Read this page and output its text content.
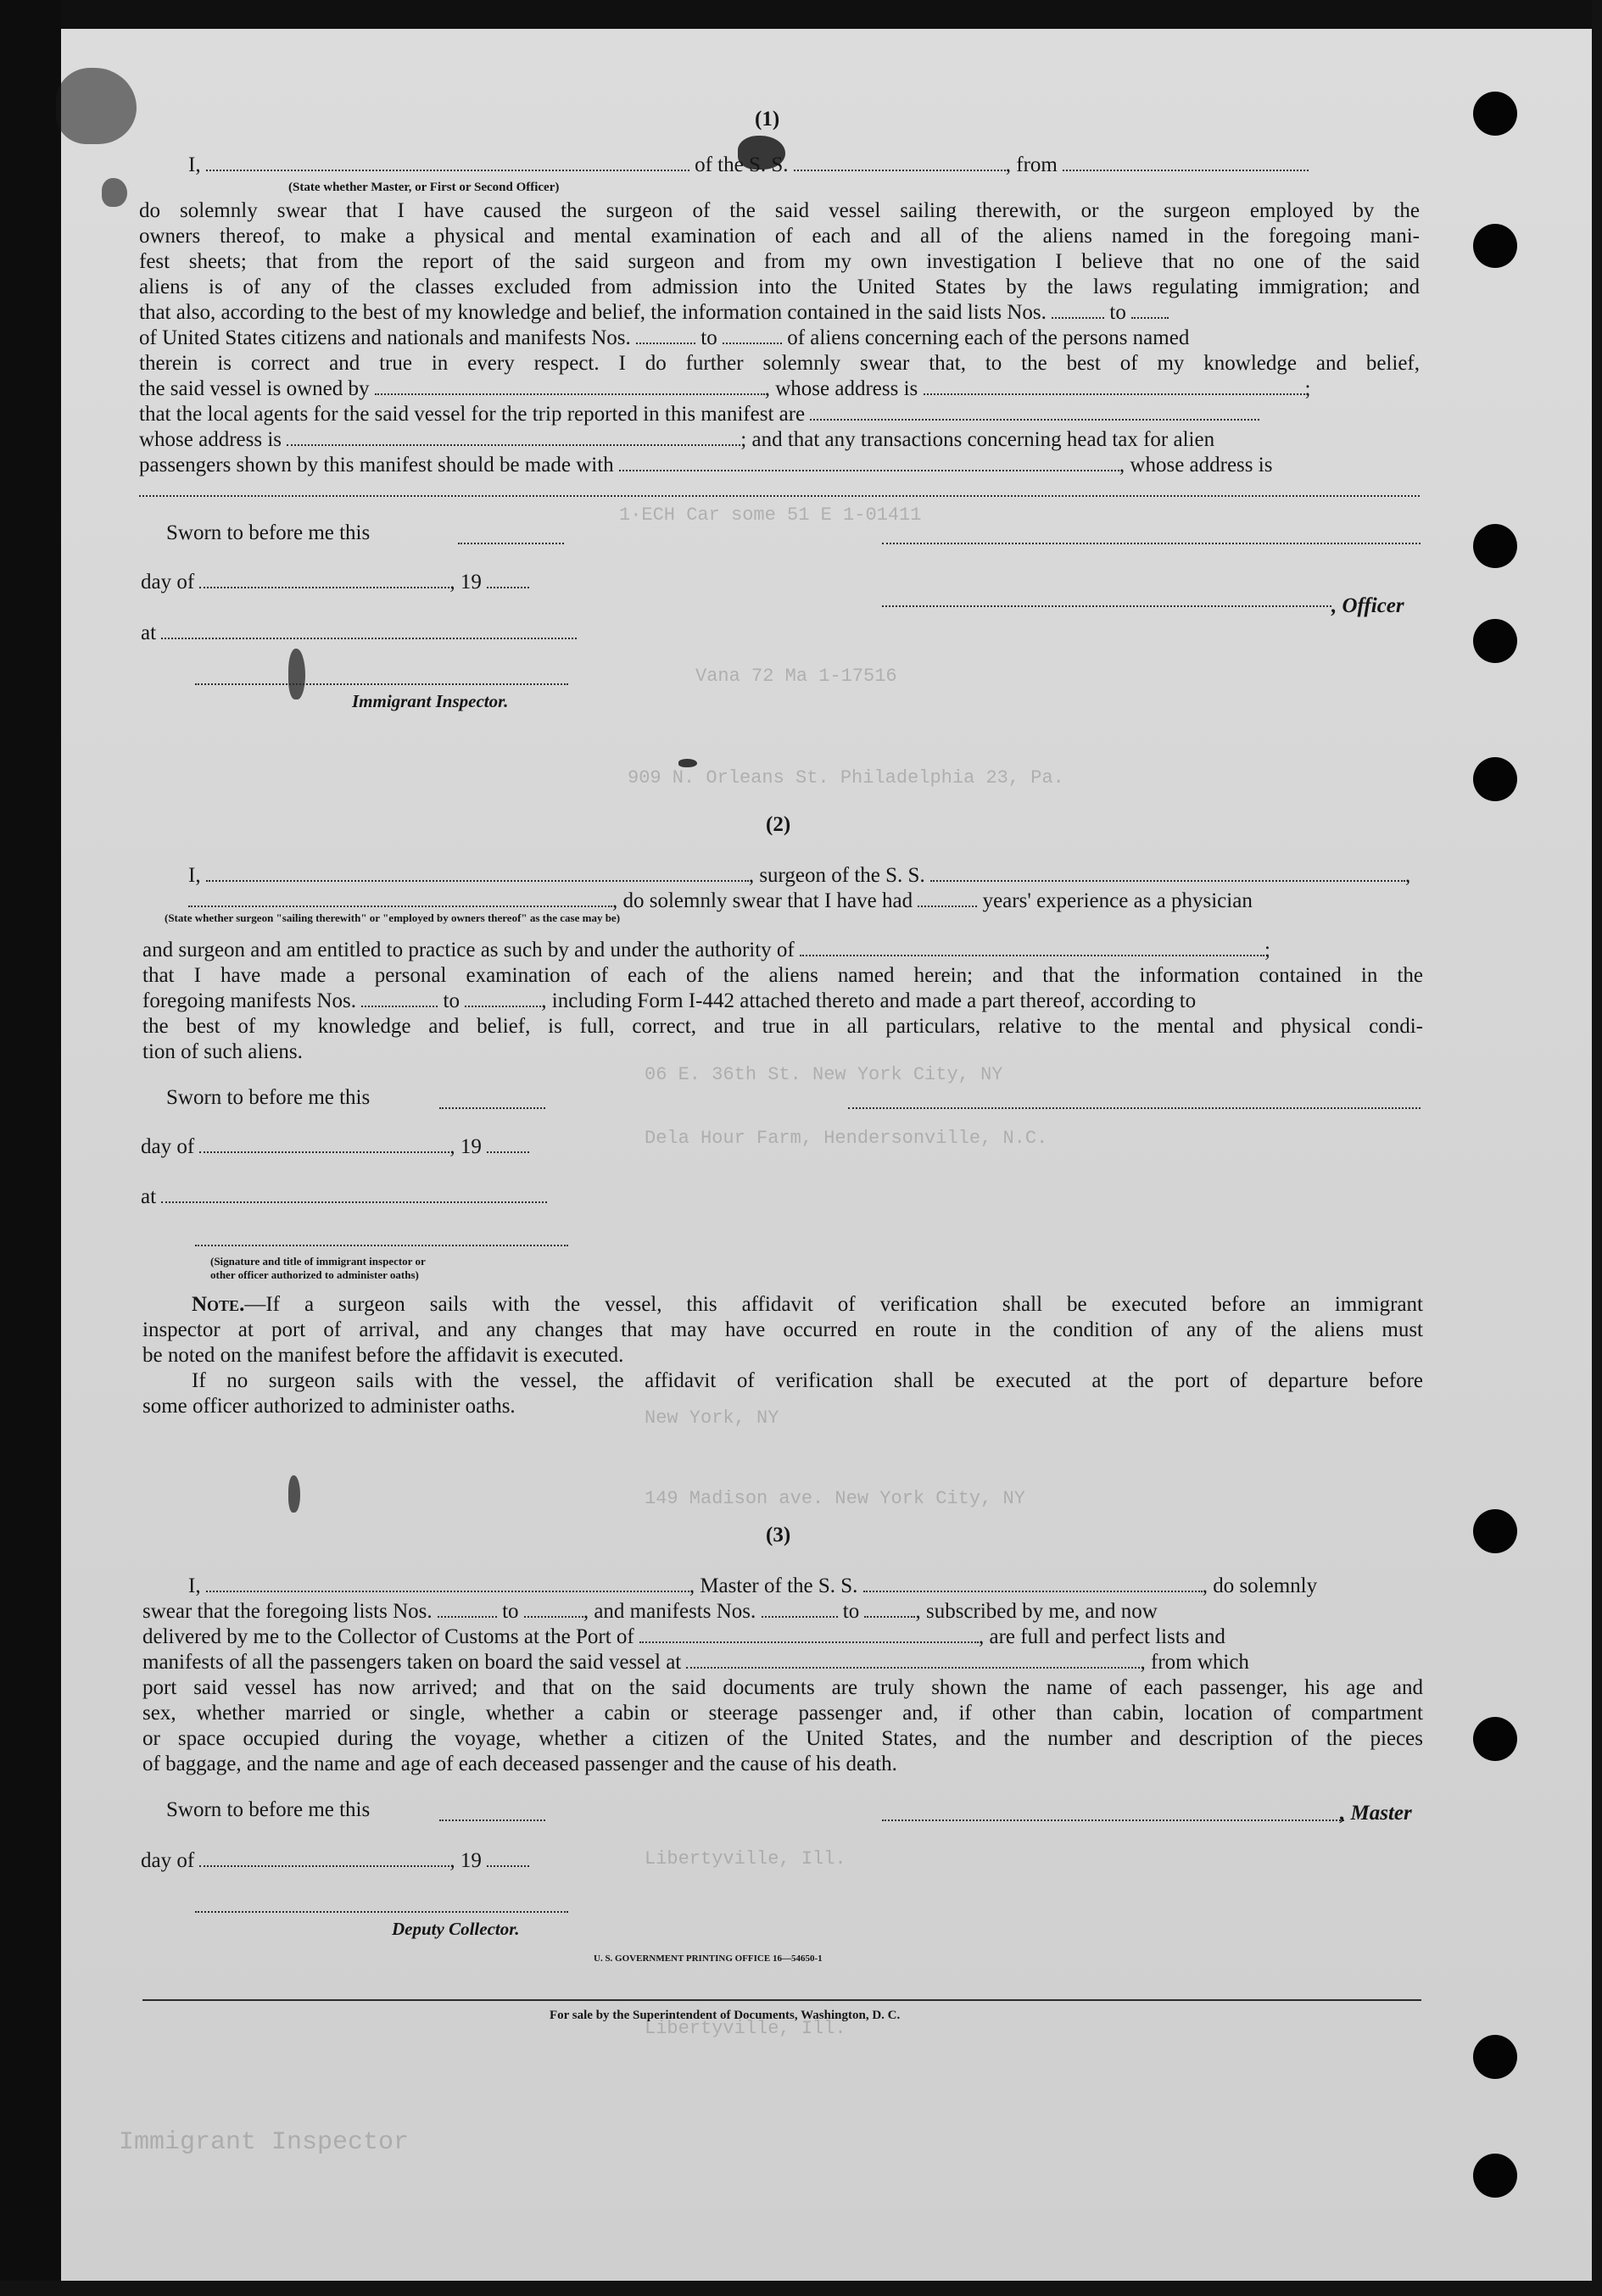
1·ECH Car some 51 E 1-01411
Vana 72 Ma 1-17516
909 N. Orleans St. Philadelphia 23, Pa.
06 E. 36th St. New York City, NY
Dela Hour Farm, Hendersonville, N.C.
New York, NY
149 Madison ave. New York City, NY
Libertyville, Ill.
Libertyville, Ill.
Immigrant Inspector
(1)
I,	of the S. S.	, from
(State whether Master, or First or Second Officer)
do solemnly swear that I have caused the surgeon of the said vessel sailing therewith, or the surgeon employed by the
owners thereof, to make a physical and mental examination of each and all of the aliens named in the foregoing mani-
fest sheets; that from the report of the said surgeon and from my own investigation I believe that no one of the said
aliens is of any of the classes excluded from admission into the United States by the laws regulating immigration; and
that also, according to the best of my knowledge and belief, the information contained in the said lists Nos.	to
of United States citizens and nationals and manifests Nos.	to	of aliens concerning each of the persons named
therein is correct and true in every respect. I do further solemnly swear that, to the best of my knowledge and belief,
the said vessel is owned by	, whose address is	;
that the local agents for the said vessel for the trip reported in this manifest are
whose address is	; and that any transactions concerning head tax for alien
passengers shown by this manifest should be made with	, whose address is
Sworn to before me this
day of	, 19
, Officer
at
Immigrant Inspector.
(2)
I,	, surgeon of the S. S.	,
, do solemnly swear that I have had	years' experience as a physician
(State whether surgeon "sailing therewith" or "employed by owners thereof" as the case may be)
and surgeon and am entitled to practice as such by and under the authority of	;
that I have made a personal examination of each of the aliens named herein; and that the information contained in the
foregoing manifests Nos.	to	, including Form I-442 attached thereto and made a part thereof, according to
the best of my knowledge and belief, is full, correct, and true in all particulars, relative to the mental and physical condi-
tion of such aliens.
Sworn to before me this
day of	, 19
at
(Signature and title of immigrant inspector or
other officer authorized to administer oaths)
Note.—If a surgeon sails with the vessel, this affidavit of verification shall be executed before an immigrant
inspector at port of arrival, and any changes that may have occurred en route in the condition of any of the aliens must
be noted on the manifest before the affidavit is executed.
If no surgeon sails with the vessel, the affidavit of verification shall be executed at the port of departure before
some officer authorized to administer oaths.
(3)
I,	, Master of the S. S.	, do solemnly
swear that the foregoing lists Nos.	to	, and manifests Nos.	to	, subscribed by me, and now
delivered by me to the Collector of Customs at the Port of	, are full and perfect lists and
manifests of all the passengers taken on board the said vessel at	, from which
port said vessel has now arrived; and that on the said documents are truly shown the name of each passenger, his age and
sex, whether married or single, whether a cabin or steerage passenger and, if other than cabin, location of compartment
or space occupied during the voyage, whether a citizen of the United States, and the number and description of the pieces
of baggage, and the name and age of each deceased passenger and the cause of his death.
Sworn to before me this	, Master
day of	, 19
Deputy Collector.
U. S. GOVERNMENT PRINTING OFFICE 16—54650-1
For sale by the Superintendent of Documents, Washington, D. C.
